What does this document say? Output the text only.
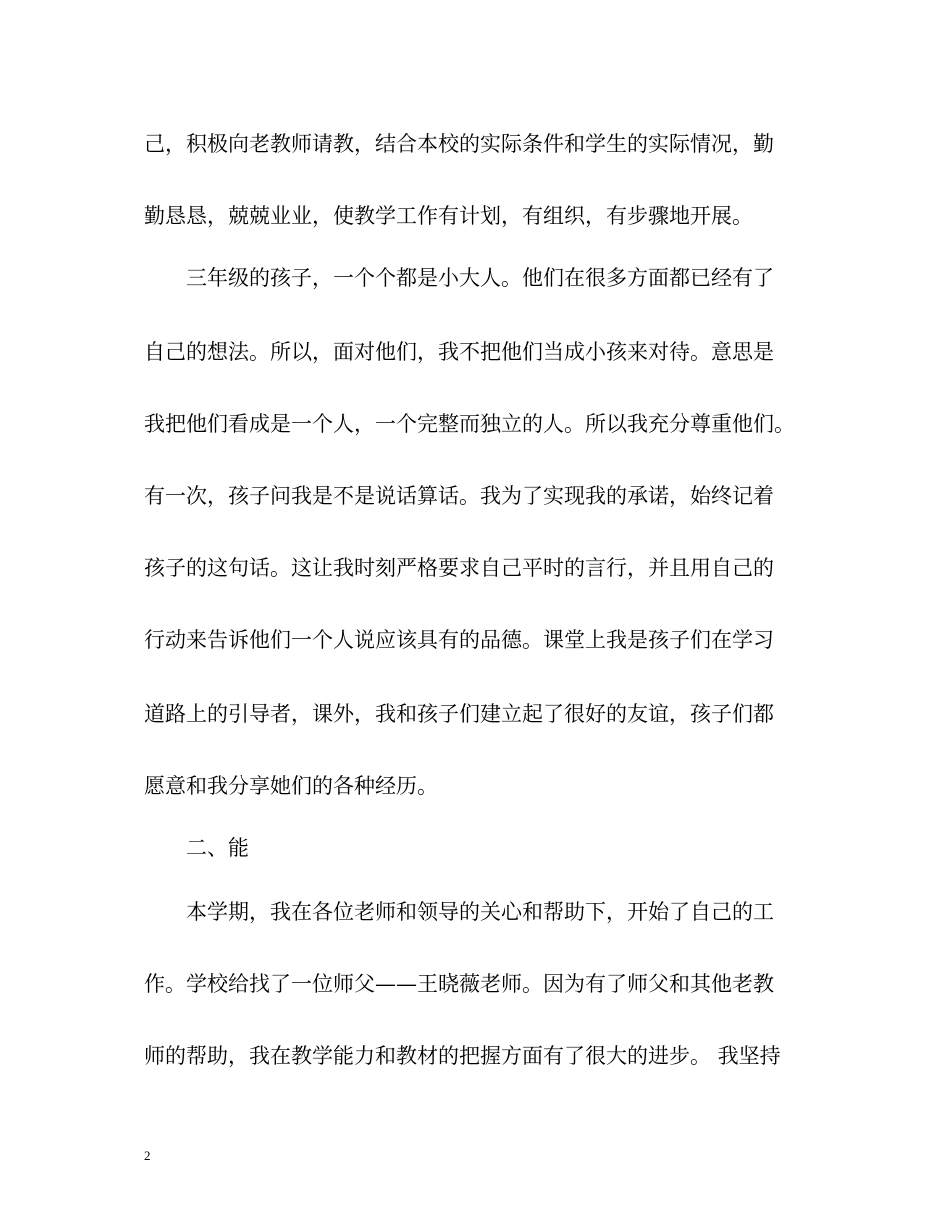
己，积极向老教师请教，结合本校的实际条件和学生的实际情况，勤
勤恳恳，兢兢业业，使教学工作有计划，有组织，有步骤地开展。
三年级的孩子，一个个都是小大人。他们在很多方面都已经有了
自己的想法。所以，面对他们，我不把他们当成小孩来对待。意思是
我把他们看成是一个人，一个完整而独立的人。所以我充分尊重他们。
有一次，孩子问我是不是说话算话。我为了实现我的承诺，始终记着
孩子的这句话。这让我时刻严格要求自己平时的言行，并且用自己的
行动来告诉他们一个人说应该具有的品德。课堂上我是孩子们在学习
道路上的引导者，课外，我和孩子们建立起了很好的友谊，孩子们都
愿意和我分享她们的各种经历。
二、能
本学期，我在各位老师和领导的关心和帮助下，开始了自己的工
作。学校给找了一位师父——王晓薇老师。因为有了师父和其他老教
师的帮助，我在教学能力和教材的把握方面有了很大的进步。 我坚持
2
